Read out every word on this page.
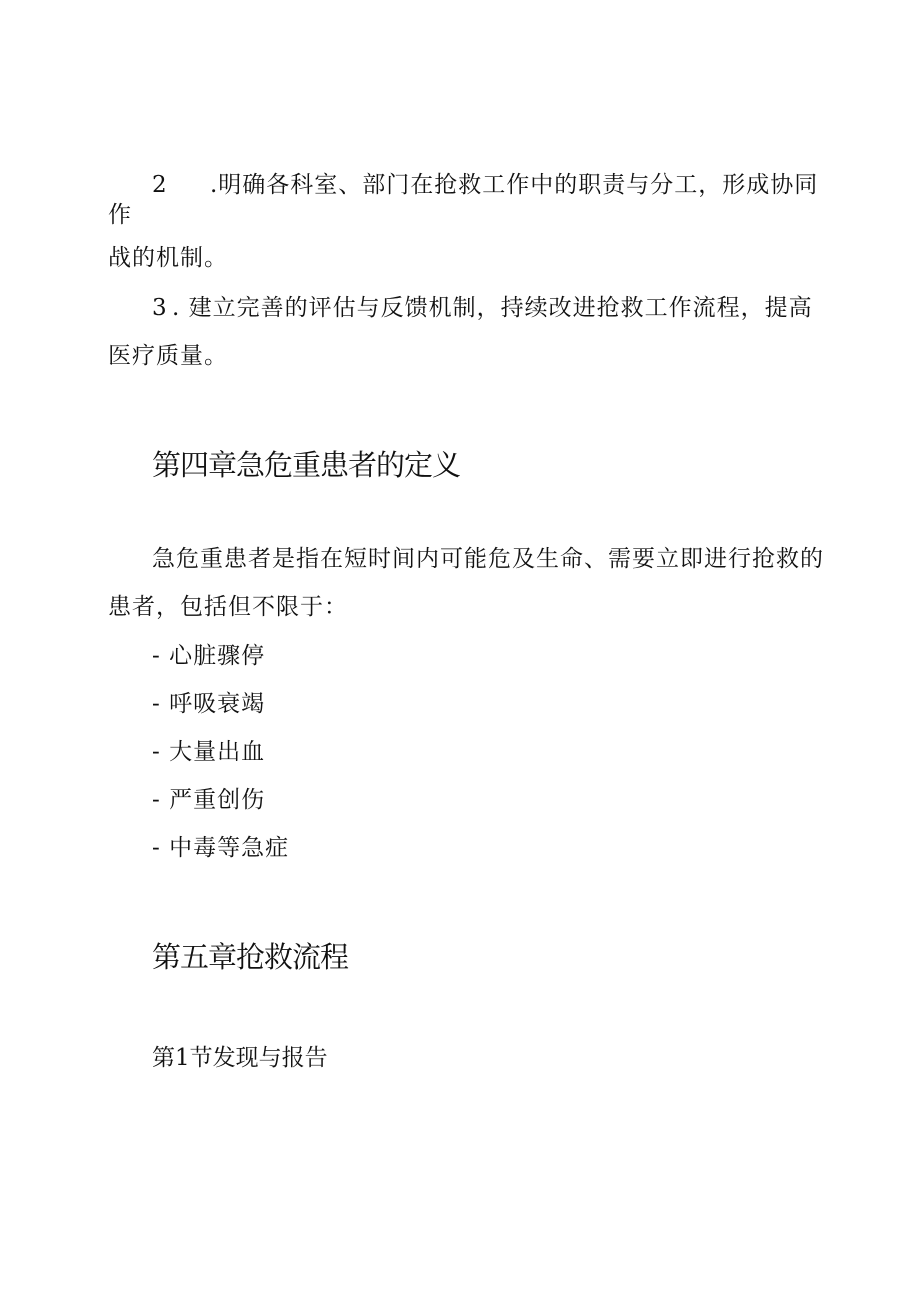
2 .明确各科室、部门在抢救工作中的职责与分工，形成协同
作
战的机制。
3 . 建立完善的评估与反馈机制，持续改进抢救工作流程，提高
医疗质量。
第四章急危重患者的定义
急危重患者是指在短时间内可能危及生命、需要立即进行抢救的
患者，包括但不限于：
- 心脏骤停
- 呼吸衰竭
- 大量出血
- 严重创伤
- 中毒等急症
第五章抢救流程
第1节发现与报告
